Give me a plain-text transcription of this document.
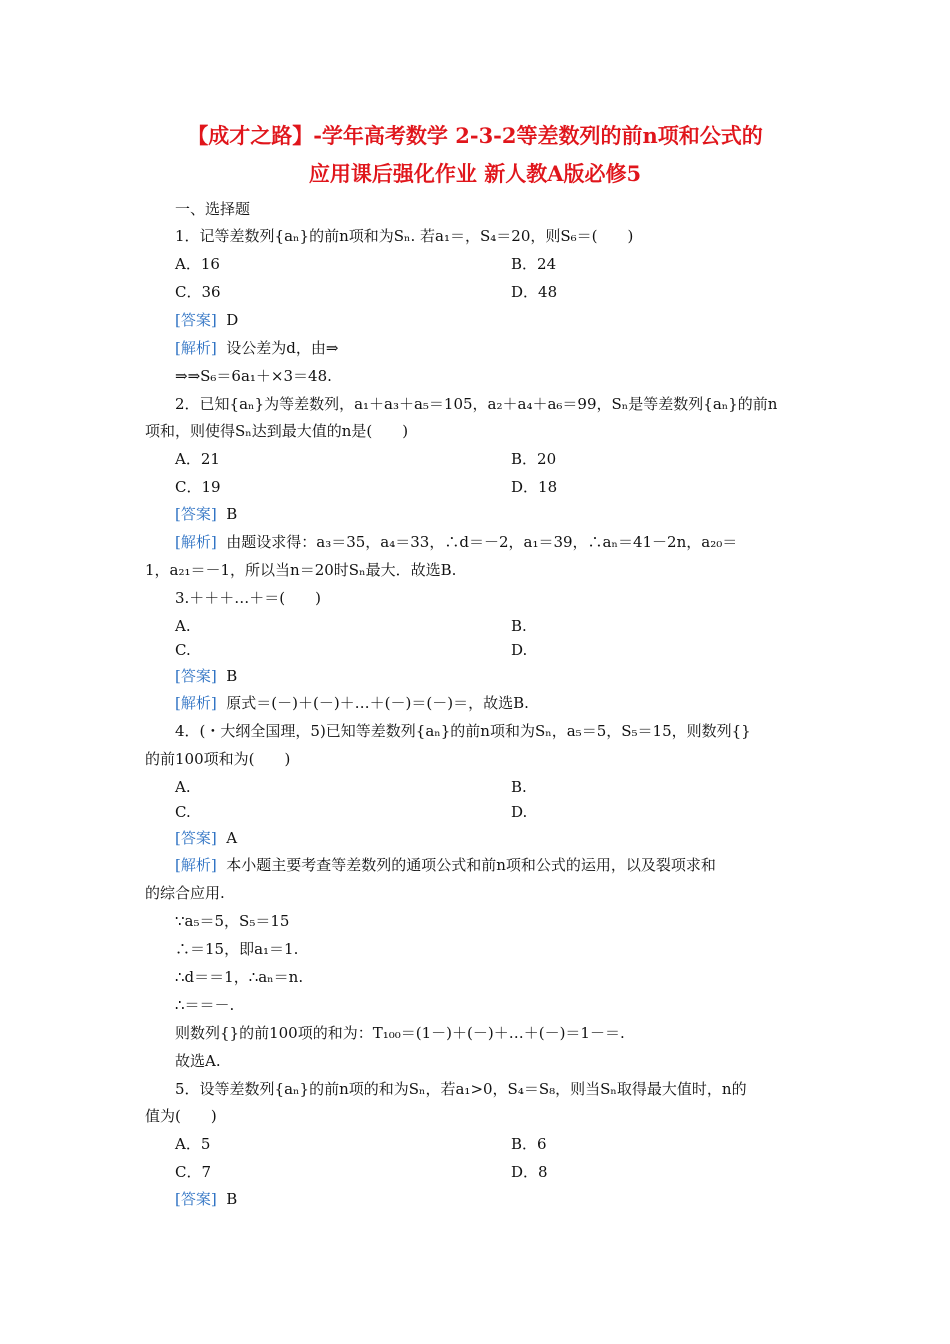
【成才之路】-学年高考数学 2-3-2等差数列的前n项和公式的
应用课后强化作业 新人教A版必修5
一、选择题
1．记等差数列{aₙ}的前n项和为Sₙ. 若a₁＝，S₄＝20，则S₆＝(　　)
A．16	B．24
C．36	D．48
[答案] D
[解析] 设公差为d，由⇒
⇒⇒S₆＝6a₁＋×3＝48.
2．已知{aₙ}为等差数列，a₁＋a₃＋a₅＝105，a₂＋a₄＋a₆＝99，Sₙ是等差数列{aₙ}的前n
项和，则使得Sₙ达到最大值的n是(　　)
A．21	B．20
C．19	D．18
[答案] B
[解析] 由题设求得：a₃＝35，a₄＝33，∴d＝－2，a₁＝39，∴aₙ＝41－2n，a₂₀＝
1，a₂₁＝－1，所以当n＝20时Sₙ最大．故选B.
3.＋＋＋…＋＝(　　)
A.	B.
C.	D.
[答案] B
[解析] 原式＝(－)＋(－)＋…＋(－)＝(－)＝，故选B.
4．(・大纲全国理，5)已知等差数列{aₙ}的前n项和为Sₙ，a₅＝5，S₅＝15，则数列{}
的前100项和为(　　)
A.	B.
C.	D.
[答案] A
[解析] 本小题主要考查等差数列的通项公式和前n项和公式的运用，以及裂项求和
的综合应用.
∵a₅＝5，S₅＝15
∴＝15，即a₁＝1.
∴d＝＝1，∴aₙ＝n.
∴＝＝－.
则数列{}的前100项的和为：T₁₀₀＝(1－)＋(－)＋…＋(－)＝1－＝.
故选A.
5．设等差数列{aₙ}的前n项的和为Sₙ，若a₁>0，S₄＝S₈，则当Sₙ取得最大值时，n的
值为(　　)
A．5	B．6
C．7	D．8
[答案] B
